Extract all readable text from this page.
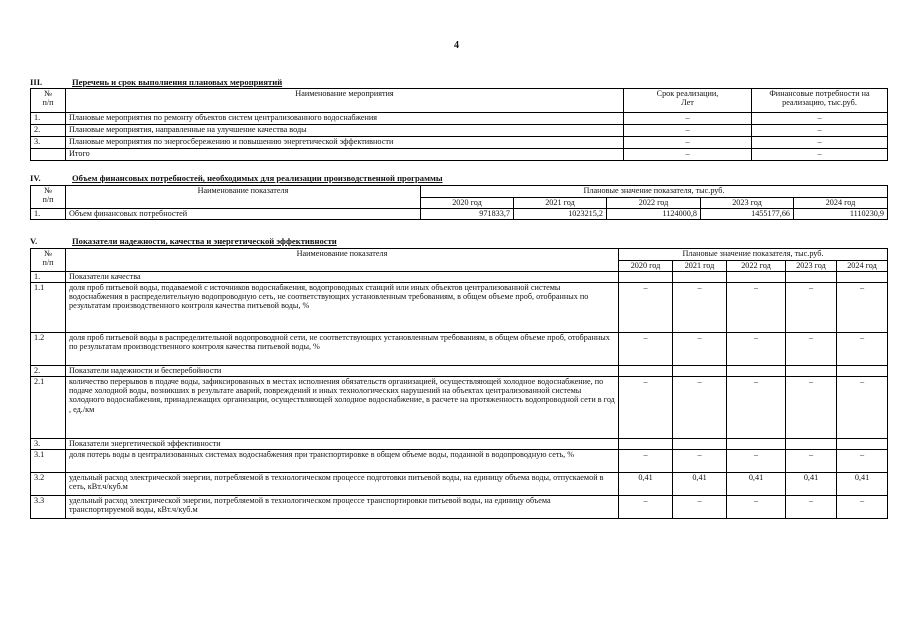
4
III.	Перечень и срок выполнения плановых мероприятий
№
п/п	Наименование мероприятия	Срок реализации,
Лет	Финансовые потребности на
реализацию, тыс.руб.
1.	Плановые мероприятия по ремонту объектов систем централизованного водоснабжения	–	–
2.	Плановые мероприятия, направленные на улучшение качества воды	–	–
3.	Плановые мероприятия по энергосбережению и повышению энергетической эффективности	–	–
	Итого	–	–
IV.	Объем финансовых потребностей, необходимых для реализации производственной программы
№
п/п	Наименование показателя	Плановые значение показателя, тыс.руб.				
		2020 год	2021 год	2022 год	2023 год	2024 год
1.	Объем финансовых потребностей	971833,7	1023215,2	1124000,8	1455177,66	1110230,9
V.	Показатели надежности, качества и энергетической эффективности
№
п/п	Наименование показателя	Плановые значение показателя, тыс.руб.				
		2020 год	2021 год	2022 год	2023 год	2024 год
1.	Показатели качества					
1.1	доля проб питьевой воды, подаваемой с источников водоснабжения, водопроводных станций или иных объектов централизованной системы водоснабжения в распределительную водопроводную сеть, не соответствующих установленным требованиям, в общем объеме проб, отобранных по результатам производственного контроля качества питьевой воды, %	–	–	–	–	–
1.2	доля проб питьевой воды в распределительной водопроводной сети, не соответствующих установленным требованиям, в общем объеме проб, отобранных по результатам производственного контроля качества питьевой воды, %	–	–	–	–	–
2.	Показатели надежности и бесперебойности					
2.1	количество перерывов в подаче воды, зафиксированных в местах исполнения обязательств организацией, осуществляющей холодное водоснабжение, по подаче холодной воды, возникших в результате аварий, повреждений и иных технологических нарушений на объектах централизованной системы холодного водоснабжения, принадлежащих организации, осуществляющей холодное водоснабжение, в расчете на протяженность водопроводной сети в год , ед./км	–	–	–	–	–
3.	Показатели энергетической эффективности					
3.1	доля потерь воды в централизованных системах водоснабжения при транспортировке в общем объеме воды, поданной в водопроводную сеть, %	–	–	–	–	–
3.2	удельный расход электрической энергии, потребляемой в технологическом процессе подготовки питьевой воды, на единицу объема воды, отпускаемой в сеть, кВт.ч/куб.м	0,41	0,41	0,41	0,41	0,41
3.3	удельный расход электрической энергии, потребляемой в технологическом процессе транспортировки питьевой воды, на единицу объема транспортируемой воды, кВт.ч/куб.м	–	–	–	–	–
